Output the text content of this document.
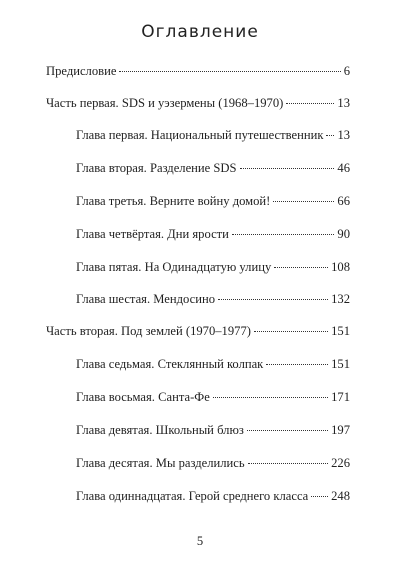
Оглавление
Предисловие	6
Часть первая. SDS и уэзермены (1968–1970)	13
Глава первая. Национальный путешественник 13
Глава вторая. Разделение SDS	46
Глава третья. Верните войну домой!	66
Глава четвёртая. Дни ярости	90
Глава пятая. На Одинадцатую улицу	108
Глава шестая. Мендосино	132
Часть вторая. Под землей (1970–1977)	151
Глава седьмая. Стеклянный колпак	151
Глава восьмая. Санта-Фе	171
Глава девятая. Школьный блюз	197
Глава десятая. Мы разделились	226
Глава одиннадцатая. Герой среднего класса 248
5
